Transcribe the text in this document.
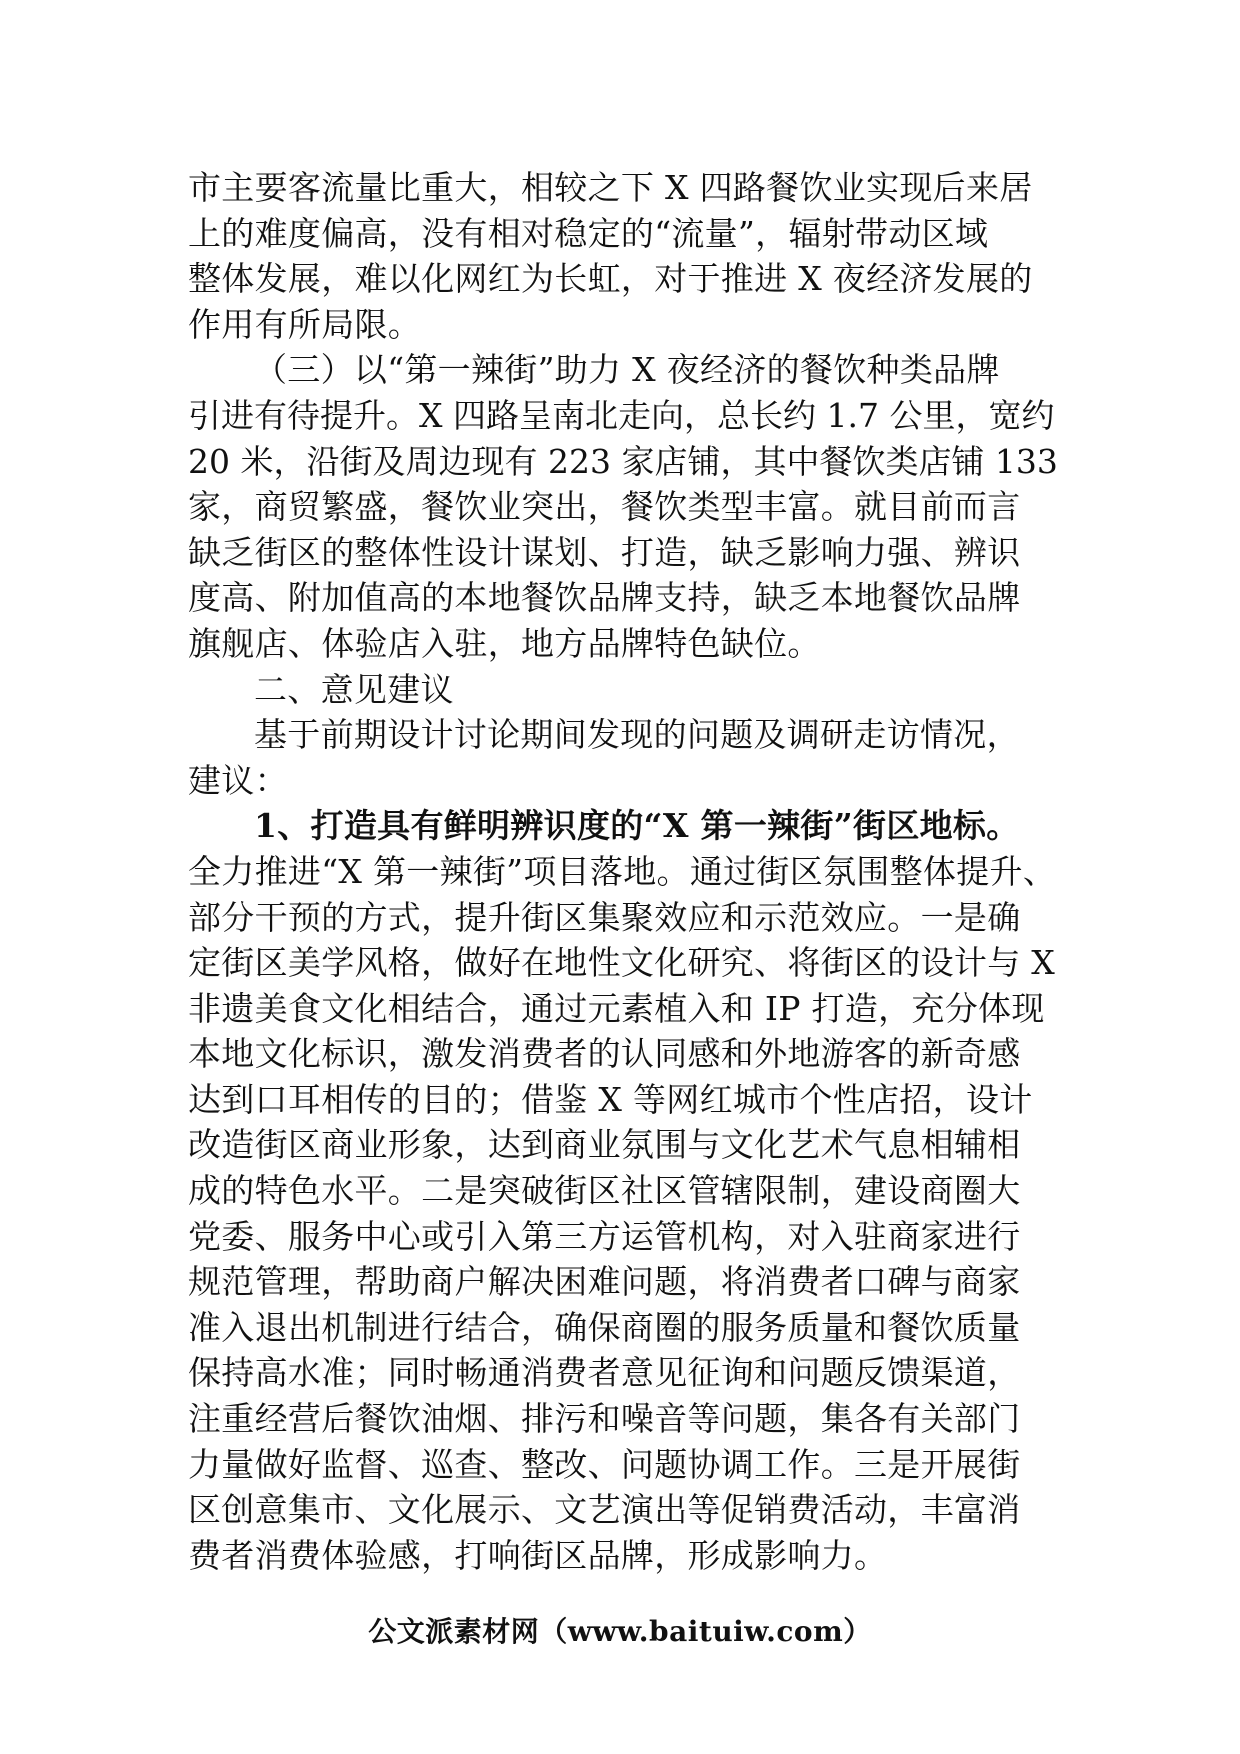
市主要客流量比重大，相较之下 X 四路餐饮业实现后来居
上的难度偏高，没有相对稳定的“流量”，辐射带动区域
整体发展，难以化网红为长虹，对于推进 X 夜经济发展的
作用有所局限。
（三）以“第一辣街”助力 X 夜经济的餐饮种类品牌
引进有待提升。X 四路呈南北走向，总长约 1.7 公里，宽约
20 米，沿街及周边现有 223 家店铺，其中餐饮类店铺 133
家，商贸繁盛，餐饮业突出，餐饮类型丰富。就目前而言
缺乏街区的整体性设计谋划、打造，缺乏影响力强、辨识
度高、附加值高的本地餐饮品牌支持，缺乏本地餐饮品牌
旗舰店、体验店入驻，地方品牌特色缺位。
二、意见建议
基于前期设计讨论期间发现的问题及调研走访情况，
建议：
1、打造具有鲜明辨识度的“X 第一辣街”街区地标。
全力推进“X 第一辣街”项目落地。通过街区氛围整体提升、
部分干预的方式，提升街区集聚效应和示范效应。一是确
定街区美学风格，做好在地性文化研究、将街区的设计与 X
非遗美食文化相结合，通过元素植入和 IP 打造，充分体现
本地文化标识，激发消费者的认同感和外地游客的新奇感
达到口耳相传的目的；借鉴 X 等网红城市个性店招，设计
改造街区商业形象，达到商业氛围与文化艺术气息相辅相
成的特色水平。二是突破街区社区管辖限制，建设商圈大
党委、服务中心或引入第三方运管机构，对入驻商家进行
规范管理，帮助商户解决困难问题，将消费者口碑与商家
准入退出机制进行结合，确保商圈的服务质量和餐饮质量
保持高水准；同时畅通消费者意见征询和问题反馈渠道，
注重经营后餐饮油烟、排污和噪音等问题，集各有关部门
力量做好监督、巡查、整改、问题协调工作。三是开展街
区创意集市、文化展示、文艺演出等促销费活动，丰富消
费者消费体验感，打响街区品牌，形成影响力。
公文派素材网（www.baituiw.com）
